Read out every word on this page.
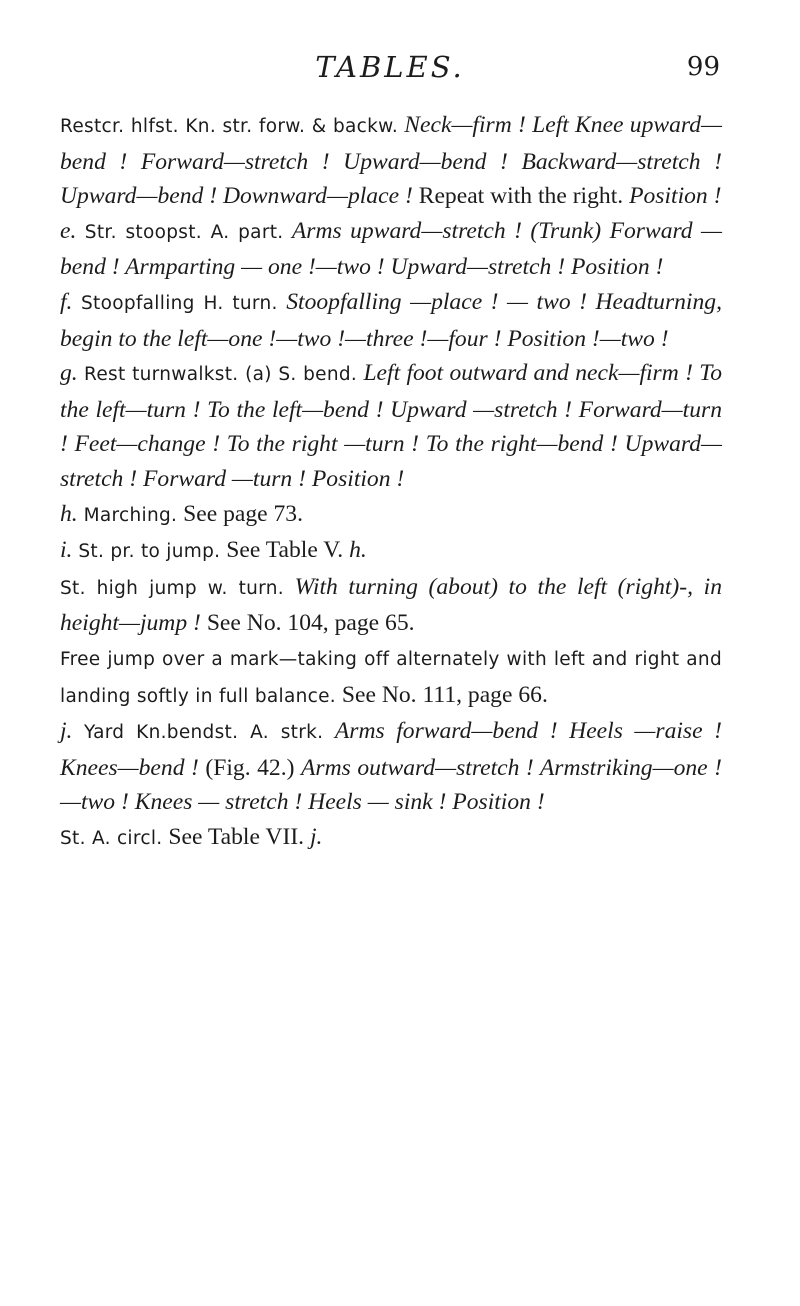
TABLES.	99

Restcr. hlfst. Kn. str. forw. & backw. Neck—firm ! Left Knee upward—bend ! Forward—stretch ! Upward—bend ! Backward—stretch ! Upward—bend ! Downward—place ! Repeat with the right. Position !

e. Str. stoopst. A. part. Arms upward—stretch ! (Trunk) Forward — bend ! Armparting — one !—two ! Upward—stretch ! Position !

f. Stoopfalling H. turn. Stoopfalling —place ! — two ! Headturning, begin to the left—one !—two !—three !—four ! Position !—two !

g. Rest turnwalkst. (a) S. bend. Left foot outward and neck—firm ! To the left—turn ! To the left—bend ! Upward —stretch ! Forward—turn ! Feet—change ! To the right —turn ! To the right—bend ! Upward—stretch ! Forward —turn ! Position !

h. Marching. See page 73.

i. St. pr. to jump. See Table V. h.

St. high jump w. turn. With turning (about) to the left (right)-, in height—jump ! See No. 104, page 65.

Free jump over a mark—taking off alternately with left and right and landing softly in full balance. See No. 111, page 66.

j. Yard Kn.bendst. A. strk. Arms forward—bend ! Heels —raise ! Knees—bend ! (Fig. 42.) Arms outward—stretch ! Armstriking—one !—two ! Knees — stretch ! Heels — sink ! Position !

St. A. circl. See Table VII. j.
